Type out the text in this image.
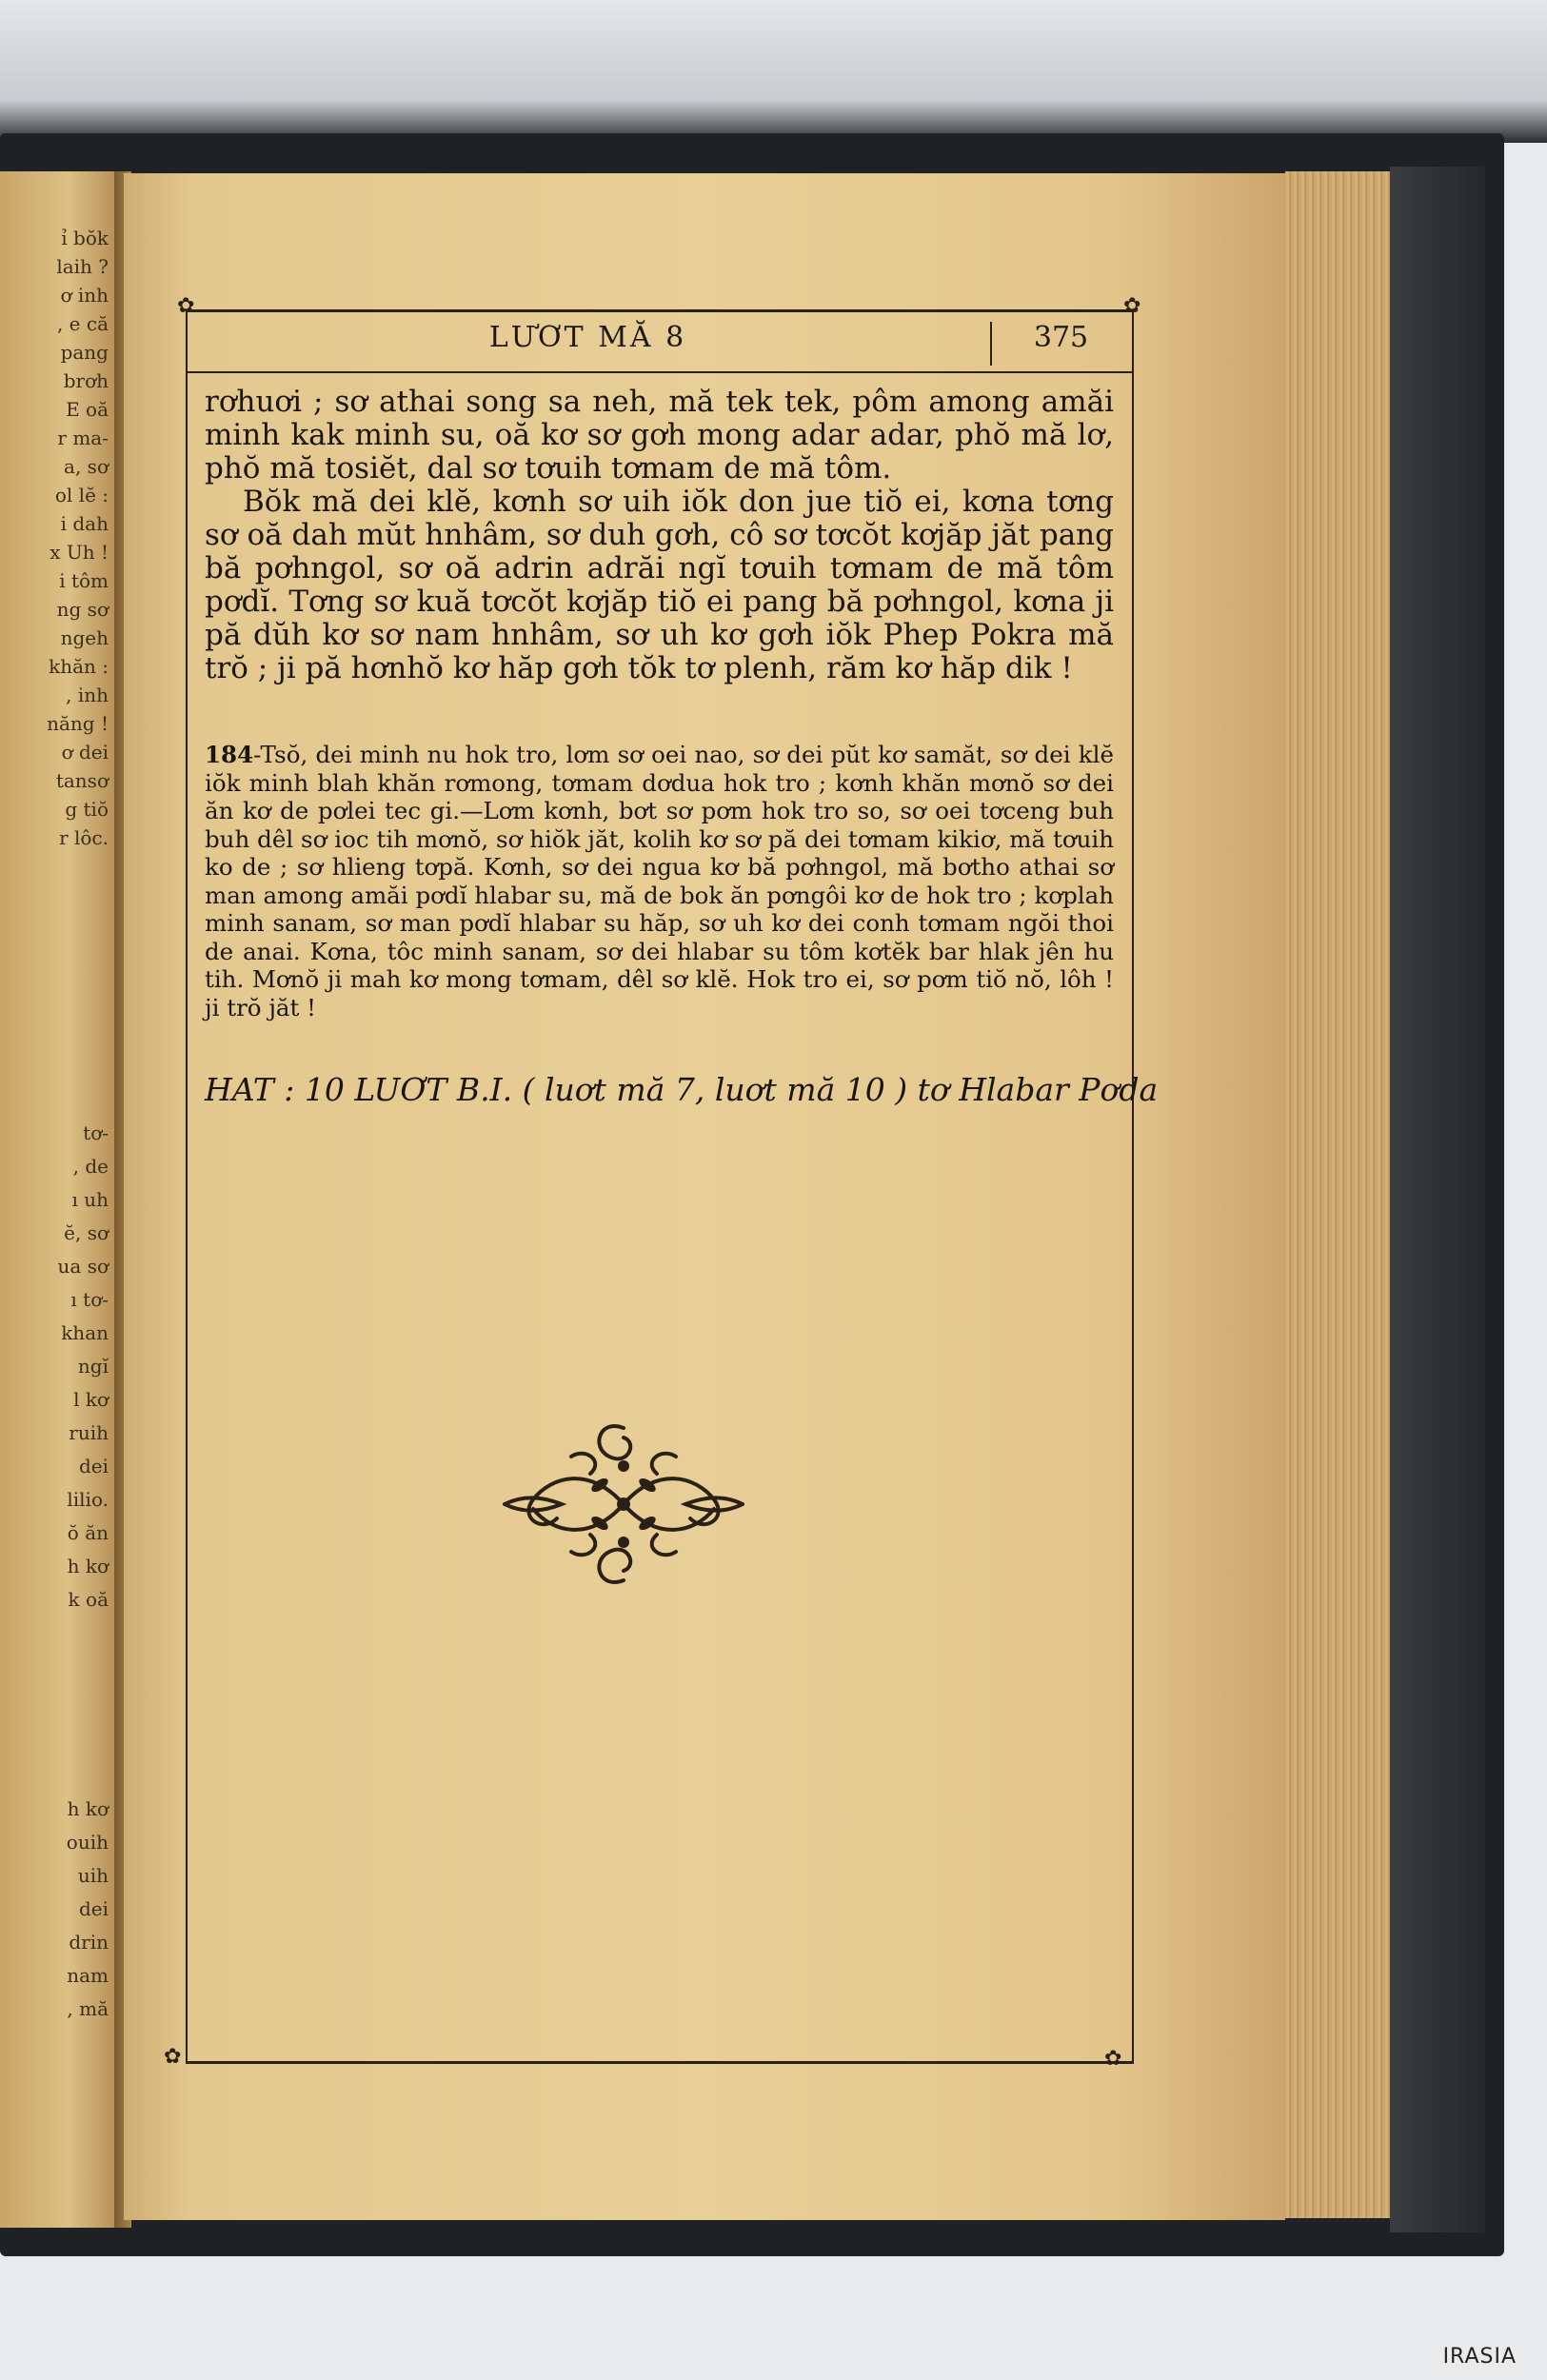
ỉ bŏk
laih ?
ơ inh
, e că
pang
brơh
E oă
r ma-
a, sơ
ol lĕ :
i dah
x Uh !
i tôm
ng sơ
ngeh
khăn :
, inh
năng !
ơ dei
tansơ
g tiŏ
r lôc.
tơ-
, de
ı uh
ĕ, sơ
ua sơ
ı tơ-
khan
ngĭ
l kơ
ruih
dei
lilio.
ŏ ăn
h kơ
k oă
h kơ
ouih
uih
dei
drin
nam
, mă
✿	✿
✿	✿
LƯƠT MĂ 8	375

rơhuơi ; sơ athai song sa neh, mă tek tek, pôm among amăi minh kak minh su, oă kơ sơ gơh mong adar adar, phŏ mă lơ, phŏ mă tosiĕt, dal sơ tơuih tơmam de mă tôm.

Bŏk mă dei klĕ, kơnh sơ uih iŏk don jue tiŏ ei, kơna tơng sơ oă dah mŭt hnhâm, sơ duh gơh, cô sơ tơcŏt kơjăp jăt pang bă pơhngol, sơ oă adrin adrăi ngĭ tơuih tơmam de mă tôm pơdĭ. Tơng sơ kuă tơcŏt kơjăp tiŏ ei pang bă pơhngol, kơna ji pă dŭh kơ sơ nam hnhâm, sơ uh kơ gơh iŏk Phep Pokra mă trŏ ; ji pă hơnhŏ kơ hăp gơh tŏk tơ plenh, răm kơ hăp dik !

184-Tsŏ, dei minh nu hok tro, lơm sơ oei nao, sơ dei pŭt kơ samăt, sơ dei klĕ iŏk minh blah khăn rơmong, tơmam dơdua hok tro ; kơnh khăn mơnŏ sơ dei ăn kơ de pơlei tec gi.—Lơm kơnh, bơt sơ pơm hok tro so, sơ oei tơceng buh buh dêl sơ ioc tih mơnŏ, sơ hiŏk jăt, kolih kơ sơ pă dei tơmam kikiơ, mă tơuih ko de ; sơ hlieng tơpă. Kơnh, sơ dei ngua kơ bă pơhngol, mă bơtho athai sơ man among amăi pơdĭ hlabar su, mă de bok ăn pơngôi kơ de hok tro ; kơplah minh sanam, sơ man pơdĭ hlabar su hăp, sơ uh kơ dei conh tơmam ngŏi thoi de anai. Kơna, tôc minh sanam, sơ dei hlabar su tôm kơtĕk bar hlak jên hu tih. Mơnŏ ji mah kơ mong tơmam, dêl sơ klĕ. Hok tro ei, sơ pơm tiŏ nŏ, lôh ! ji trŏ jăt !
HAT : 10 LUƠT B.I. ( luơt mă 7, luơt mă 10 ) tơ Hlabar Pơda
IRASIA
